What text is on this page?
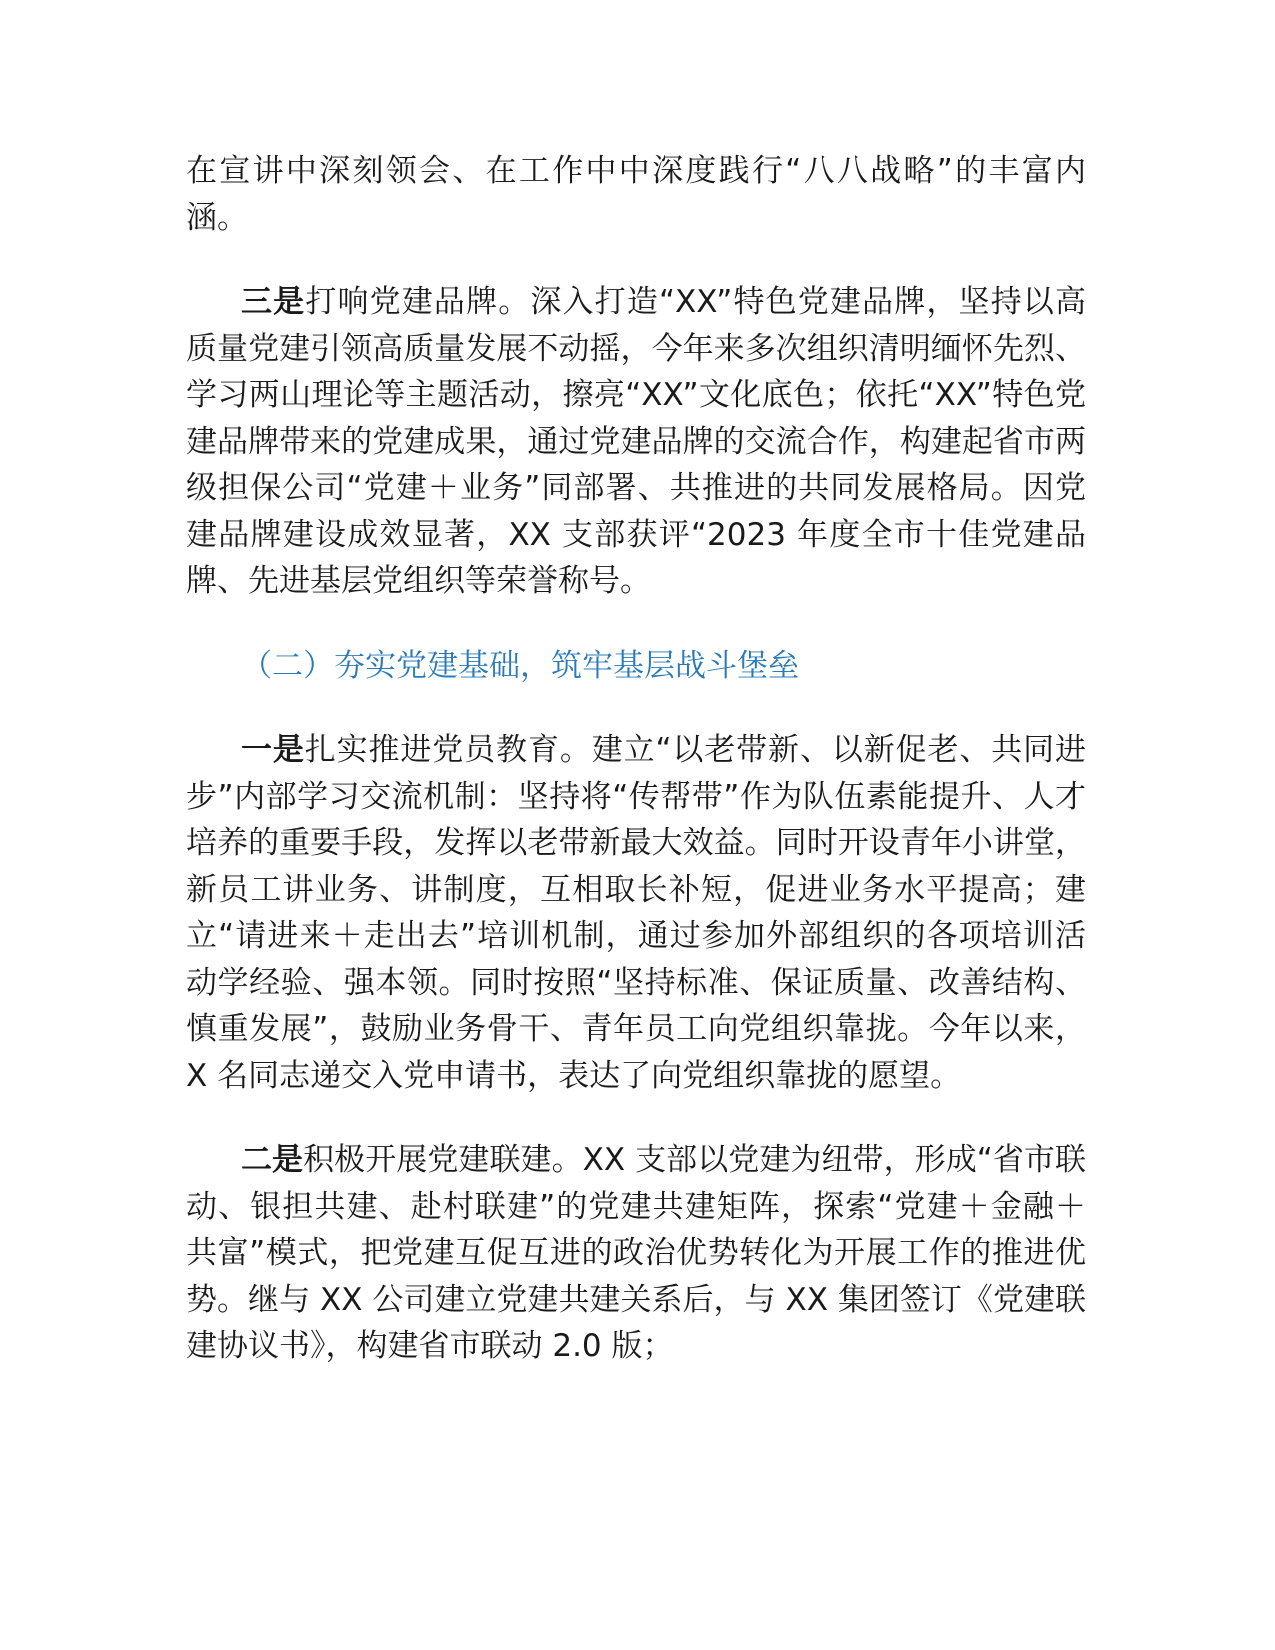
在宣讲中深刻领会、在工作中中深度践行“八八战略”的丰富内涵。

三是打响党建品牌。深入打造“XX”特色党建品牌，坚持以高质量党建引领高质量发展不动摇，今年来多次组织清明缅怀先烈、学习两山理论等主题活动，擦亮“XX”文化底色；依托“XX”特色党建品牌带来的党建成果，通过党建品牌的交流合作，构建起省市两级担保公司“党建＋业务”同部署、共推进的共同发展格局。因党建品牌建设成效显著，XX 支部获评“2023 年度全市十佳党建品牌、先进基层党组织等荣誉称号。

（二）夯实党建基础，筑牢基层战斗堡垒

一是扎实推进党员教育。建立“以老带新、以新促老、共同进步”内部学习交流机制：坚持将“传帮带”作为队伍素能提升、人才培养的重要手段，发挥以老带新最大效益。同时开设青年小讲堂，新员工讲业务、讲制度，互相取长补短，促进业务水平提高；建立“请进来＋走出去”培训机制，通过参加外部组织的各项培训活动学经验、强本领。同时按照“坚持标准、保证质量、改善结构、慎重发展”，鼓励业务骨干、青年员工向党组织靠拢。今年以来，X 名同志递交入党申请书，表达了向党组织靠拢的愿望。

二是积极开展党建联建。XX 支部以党建为纽带，形成“省市联动、银担共建、赴村联建”的党建共建矩阵，探索“党建＋金融＋共富”模式，把党建互促互进的政治优势转化为开展工作的推进优势。继与 XX 公司建立党建共建关系后，与 XX 集团签订《党建联建协议书》，构建省市联动 2.0 版；
